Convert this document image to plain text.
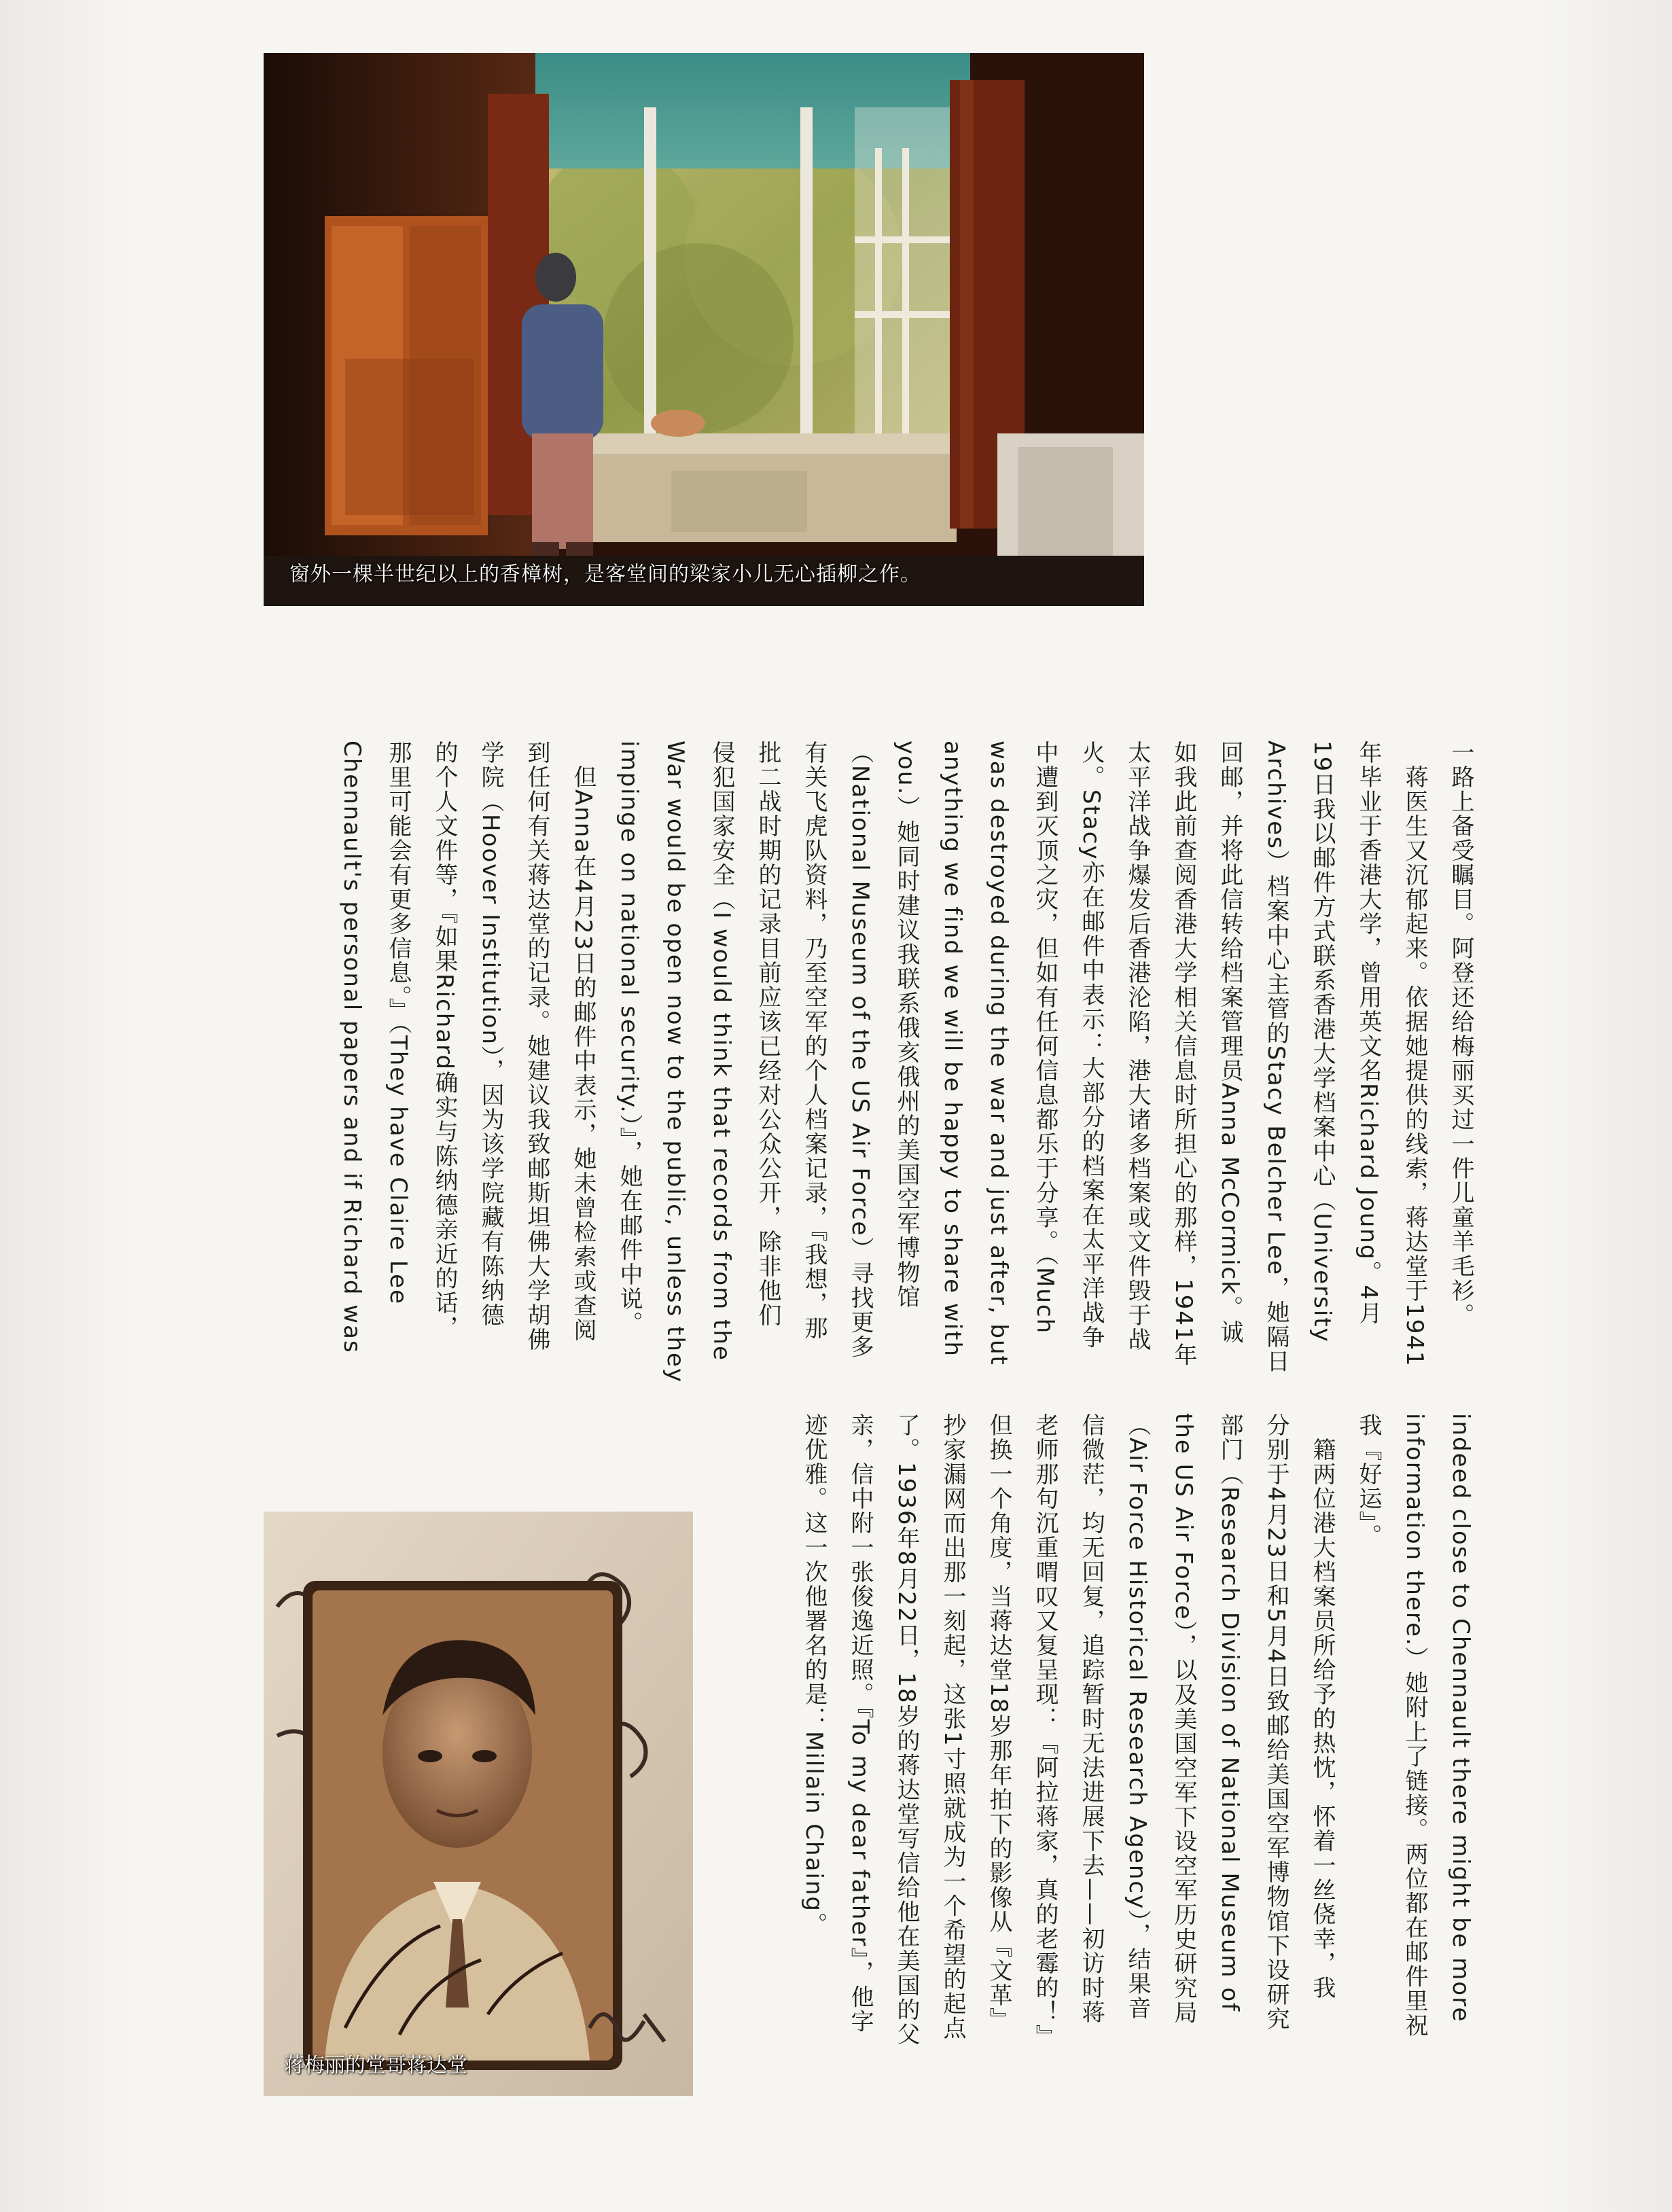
窗外一棵半世纪以上的香樟树，是客堂间的梁家小儿无心插柳之作。
一路上备受瞩目。阿登还给梅丽买过一件儿童羊毛衫。
　蒋医生又沉郁起来。依据她提供的线索，蒋达堂于1941
年毕业于香港大学，曾用英文名Richard Joung。4月
19日我以邮件方式联系香港大学档案中心（University
Archives）档案中心主管的Stacy Belcher Lee，她隔日
回邮，并将此信转给档案管理员Anna McCormick。诚
如我此前查阅香港大学相关信息时所担心的那样，1941年
太平洋战争爆发后香港沦陷，港大诸多档案或文件毁于战
火。Stacy亦在邮件中表示：大部分的档案在太平洋战争
中遭到灭顶之灾，但如有任何信息都乐于分享。（Much
was destroyed during the war and just after, but
anything we find we will be happy to share with
you.）她同时建议我联系俄亥俄州的美国空军博物馆
（National Museum of the US Air Force）寻找更多
有关飞虎队资料，乃至空军的个人档案记录，『我想，那
批二战时期的记录目前应该已经对公众公开，除非他们
侵犯国家安全（I would think that records from the
War would be open now to the public, unless they
impinge on national security.）』，她在邮件中说。
　但Anna在4月23日的邮件中表示，她未曾检索或查阅
到任何有关蒋达堂的记录。她建议我致邮斯坦佛大学胡佛
学院（Hoover Institution），因为该学院藏有陈纳德
的个人文件等，『如果Richard确实与陈纳德亲近的话，
那里可能会有更多信息。』（They have Claire Lee
Chennault's personal papers and if Richard was
indeed close to Chennault there might be more
information there.）她附上了链接。两位都在邮件里祝
我『好运』。
　籍两位港大档案员所给予的热忱，怀着一丝侥幸，我
分别于4月23日和5月4日致邮给美国空军博物馆下设研究
部门（Research Division of National Museum of
the US Air Force），以及美国空军下设空军历史研究局
（Air Force Historical Research Agency），结果音
信微茫，均无回复，追踪暂时无法进展下去——初访时蒋
老师那句沉重喟叹又复呈现：『阿拉蒋家，真的老霉的！』
但换一个角度，当蒋达堂18岁那年拍下的影像从『文革』
抄家漏网而出那一刻起，这张1寸照就成为一个希望的起点
了。1936年8月22日，18岁的蒋达堂写信给他在美国的父
亲，信中附一张俊逸近照。『To my dear father』，他字
迹优雅。这一次他署名的是：Millain Chaing。
蒋梅丽的堂哥蒋达堂
